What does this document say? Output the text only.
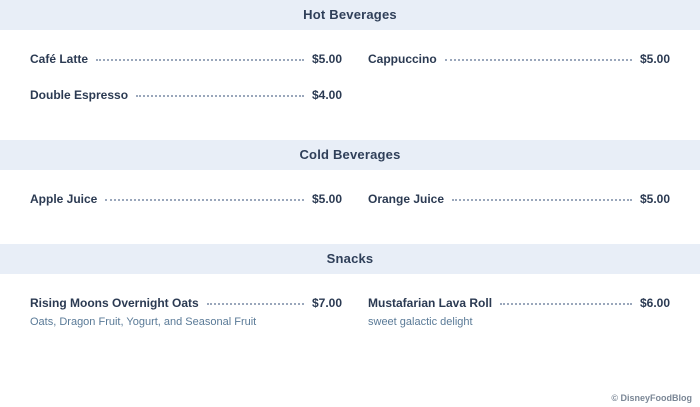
Hot Beverages
Café Latte	$5.00
Double Espresso	$4.00
Cappuccino	$5.00
Cold Beverages
Apple Juice	$5.00 Orange Juice	$5.00
Snacks
Rising Moons Overnight Oats	$7.00
Oats, Dragon Fruit, Yogurt, and Seasonal Fruit
Mustafarian Lava Roll	$6.00
sweet galactic delight
© DisneyFoodBlog
